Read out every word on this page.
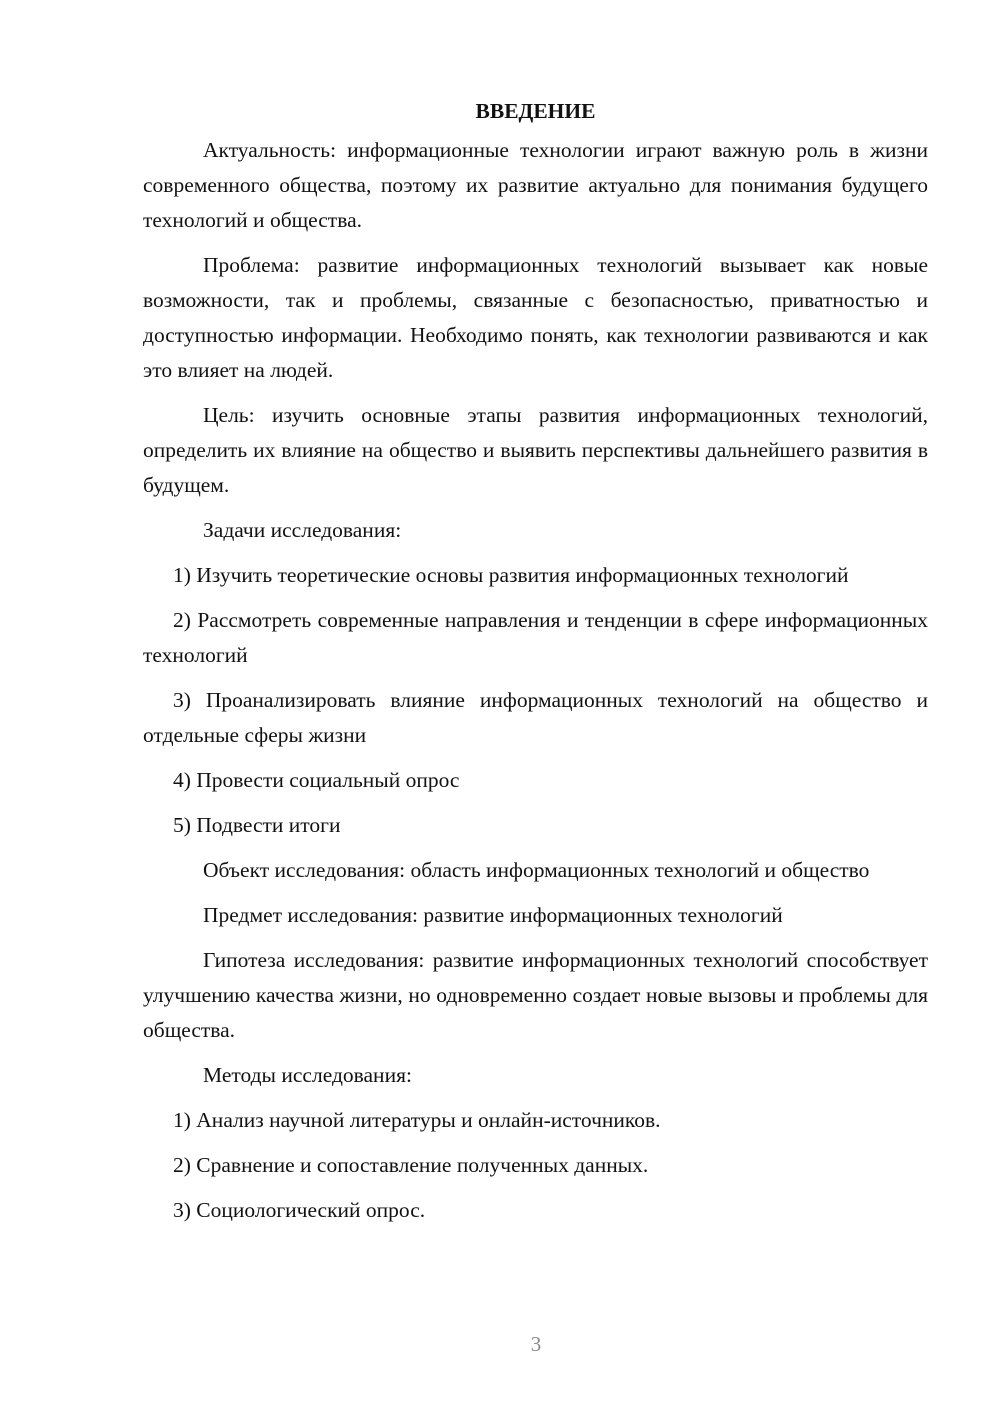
ВВЕДЕНИЕ

Актуальность: информационные технологии играют важную роль в жизни современного общества, поэтому их развитие актуально для понимания будущего технологий и общества.

Проблема: развитие информационных технологий вызывает как новые возможности, так и проблемы, связанные с безопасностью, приватностью и доступностью информации. Необходимо понять, как технологии развиваются и как это влияет на людей.

Цель: изучить основные этапы развития информационных технологий, определить их влияние на общество и выявить перспективы дальнейшего развития в будущем.

Задачи исследования:

1) Изучить теоретические основы развития информационных технологий

2) Рассмотреть современные направления и тенденции в сфере информационных технологий

3) Проанализировать влияние информационных технологий на общество и отдельные сферы жизни

4) Провести социальный опрос

5) Подвести итоги

Объект исследования: область информационных технологий и общество

Предмет исследования: развитие информационных технологий

Гипотеза исследования: развитие информационных технологий способствует улучшению качества жизни, но одновременно создает новые вызовы и проблемы для общества.

Методы исследования:

1) Анализ научной литературы и онлайн-источников.

2) Сравнение и сопоставление полученных данных.

3) Социологический опрос.

3
